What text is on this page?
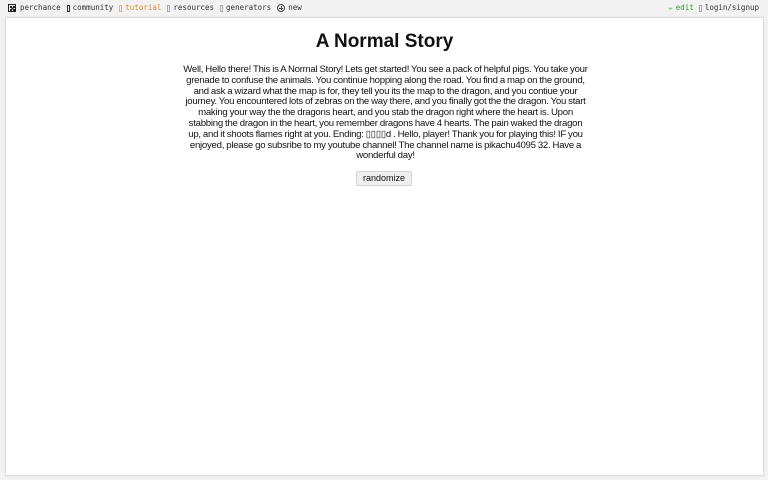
perchance community tutorial resources generators new	✏ edit login/signup
A Normal Story
Well, Hello there! This is A Normal Story! Lets get started! You see a pack of helpful pigs. You take your grenade to confuse the animals. You continue hopping along the road. You find a map on the ground, and ask a wizard what the map is for, they tell you its the map to the dragon, and you contiue your journey. You encountered lots of zebras on the way there, and you finally got the the dragon. You start making your way the the dragons heart, and you stab the dragon right where the heart is. Upon stabbing the dragon in the heart, you remember dragons have 4 hearts. The pain waked the dragon up, and it shoots flames right at you. Ending: ▯▯▯▯d . Hello, player! Thank you for playing this! IF you enjoyed, please go subsribe to my youtube channel! The channel name is pikachu4095 32. Have a wonderful day!
randomize
